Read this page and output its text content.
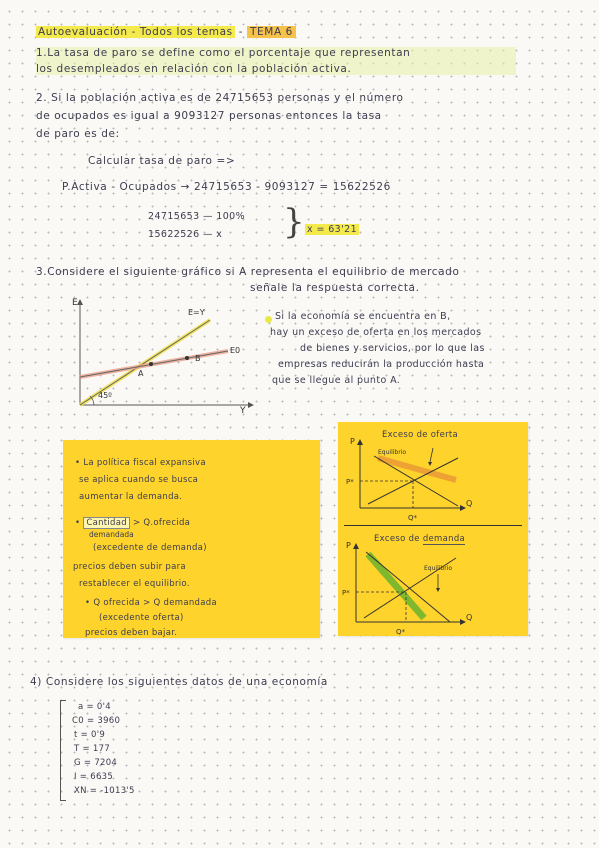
Autoevaluación - Todos los temas - TEMA 6
1.La tasa de paro se define como el porcentaje que representan
los desempleados en relación con la población activa.
2. Si la población activa es de 24715653 personas y el número
de ocupados es igual a 9093127 personas entonces la tasa
de paro es de:
Calcular tasa de paro =>
P.Activa - Ocupados → 24715653 - 9093127 = 15622526
24715653 — 100%
15622526 — x } x = 63'21
3.Considere el siguiente gráfico si A representa el equilibrio de mercado
señale la respuesta correcta.
E
Y
E=Y
E0
A
B
45º
Si la economía se encuentra en B,
hay un exceso de oferta en los mercados
de bienes y servicios, por lo que las
empresas reducirán la producción hasta
que se llegue al punto A.
• La política fiscal expansiva
se aplica cuando se busca
aumentar la demanda.
• Cantidad > Q.ofrecida
demandada
(excedente de demanda)
precios deben subir para
restablecer el equilibrio.
• Q ofrecida > Q demandada
(excedente oferta)
precios deben bajar.
Exceso de oferta
P
Q
P*
Q*
Equilibrio
Exceso de demanda
P
Q
P*
Q*
Equilibrio
4) Considere los siguientes datos de una economía
a = 0'4
C0 = 3960
t = 0'9
T = 177
G = 7204
I = 6635
XN = -1013'5
